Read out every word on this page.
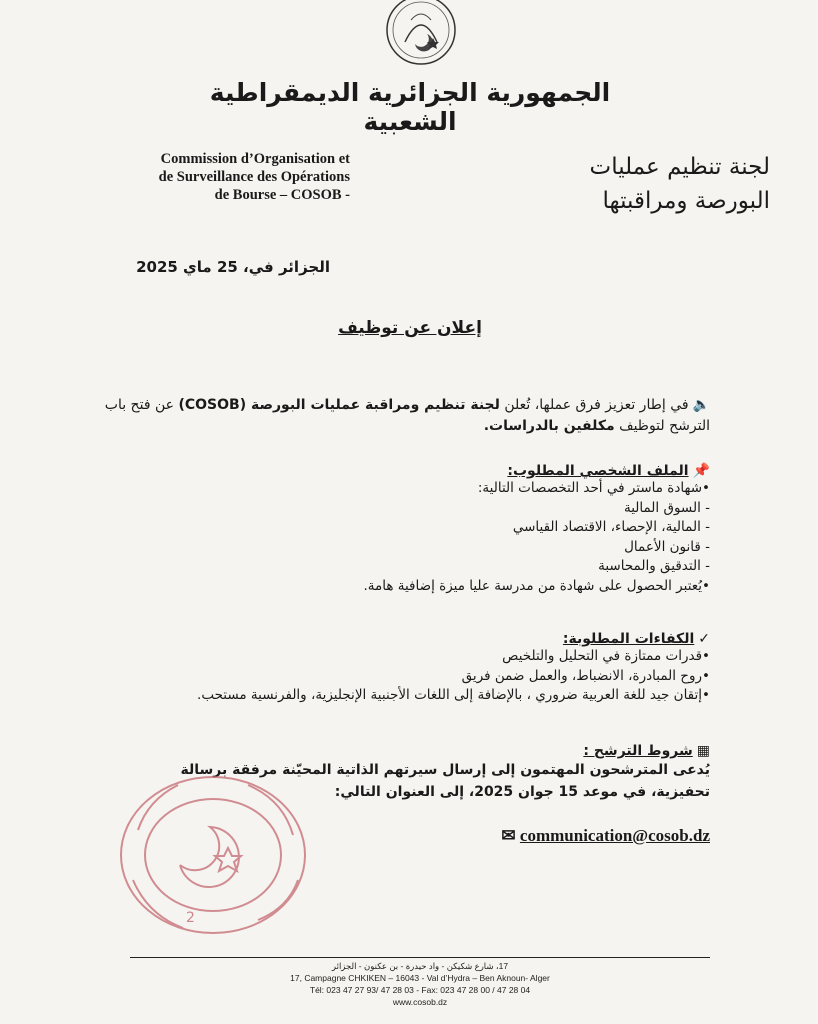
الجمهورية الجزائرية الديمقراطية الشعبية
Commission d’Organisation et
de Surveillance des Opérations
de Bourse – COSOB -
لجنة تنظيم عمليات
البورصة ومراقبتها
الجزائر في، 25 ماي 2025
إعلان عن توظيف
🔈في إطار تعزيز فرق عملها، تُعلن لجنة تنظيم ومراقبة عمليات البورصة (COSOB) عن فتح باب الترشح لتوظيف مكلفين بالدراسات.
📌الملف الشخصي المطلوب:
•شهادة ماستر في أحد التخصصات التالية:
- السوق المالية
- المالية، الإحصاء، الاقتصاد القياسي
- قانون الأعمال
- التدقيق والمحاسبة
•يُعتبر الحصول على شهادة من مدرسة عليا ميزة إضافية هامة.
✓الكفاءات المطلوبة:
•قدرات ممتازة في التحليل والتلخيص
•روح المبادرة، الانضباط، والعمل ضمن فريق
•إتقان جيد للغة العربية ضروري ، بالإضافة إلى اللغات الأجنبية الإنجليزية، والفرنسية مستحب.
▦شروط الترشح :
يُدعى المترشحون المهتمون إلى إرسال سيرتهم الذاتية المحيّنة مرفقة برسالة تحفيزية، في موعد 15 جوان 2025، إلى العنوان التالي:
✉ communication@cosob.dz
2
17، شارع شكيكن - واد حيدرة - بن عكنون - الجزائر
17, Campagne CHKIKEN – 16043 - Val d’Hydra – Ben Aknoun- Alger
Tél: 023 47 27 93/ 47 28 03 - Fax: 023 47 28 00 / 47 28 04
www.cosob.dz
